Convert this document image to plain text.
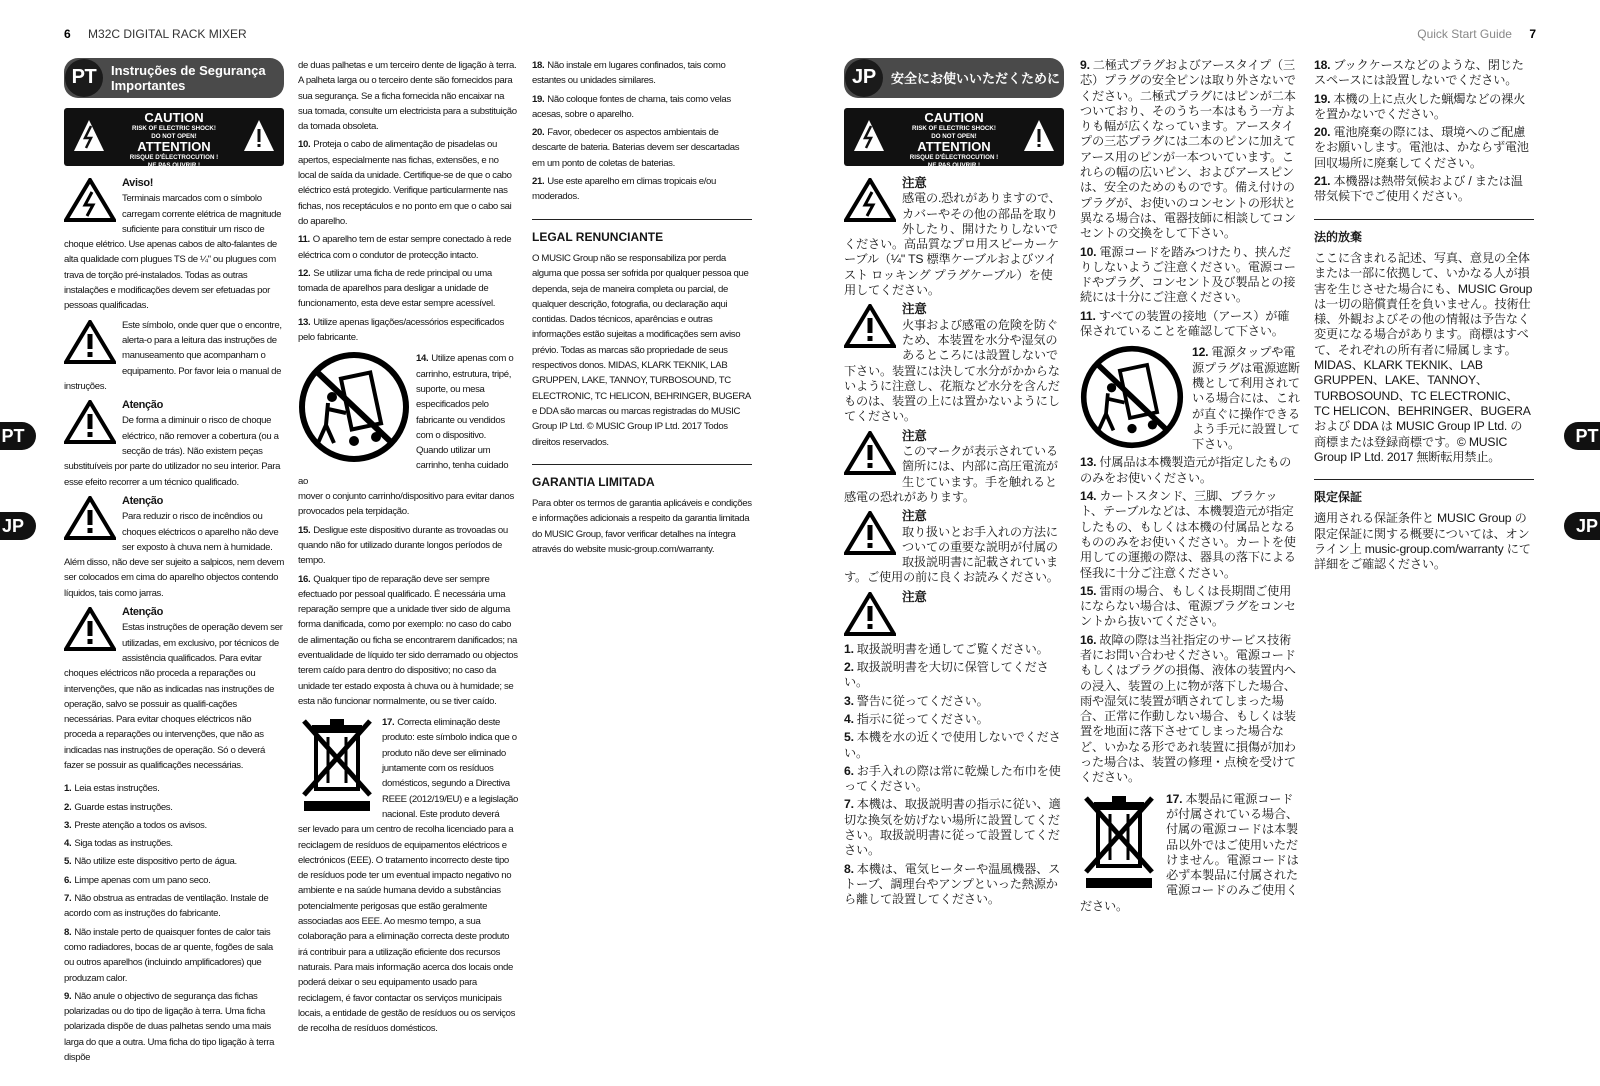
6 M32C DIGITAL RACK MIXER	Quick Start Guide 7
PT
JP
PT
JP
PT	Instruções de Segurança
Importantes
CAUTION
RISK OF ELECTRIC SHOCK!
DO NOT OPEN!
ATTENTION
RISQUE D'ÉLECTROCUTION !
NE PAS OUVRIR !
Aviso!
Terminais marcados com o símbolo carregam corrente elétrica de magnitude suficiente para constituir um risco de choque elétrico. Use apenas cabos de alto-falantes de alta qualidade com plugues TS de ¼" ou plugues com trava de torção pré-instalados. Todas as outras instalações e modificações devem ser efetuadas por pessoas qualificadas.
Este símbolo, onde quer que o encontre, alerta-o para a leitura das instruções de manuseamento que acompanham o equipamento. Por favor leia o manual de instruções.
Atenção
De forma a diminuir o risco de choque eléctrico, não remover a cobertura (ou a secção de trás). Não existem peças substituíveis por parte do utilizador no seu interior. Para esse efeito recorrer a um técnico qualificado.
Atenção
Para reduzir o risco de incêndios ou choques eléctricos o aparelho não deve ser exposto à chuva nem à humidade. Além disso, não deve ser sujeito a salpicos, nem devem ser colocados em cima do aparelho objectos contendo líquidos, tais como jarras.
Atenção
Estas instruções de operação devem ser utilizadas, em exclusivo, por técnicos de assistência qualificados. Para evitar choques eléctricos não proceda a reparações ou intervenções, que não as indicadas nas instruções de operação, salvo se possuir as qualifi-cações necessárias. Para evitar choques eléctricos não proceda a reparações ou intervenções, que não as indicadas nas instruções de operação. Só o deverá fazer se possuir as qualificações necessárias.

1. Leia estas instruções.

2. Guarde estas instruções.

3. Preste atenção a todos os avisos.

4. Siga todas as instruções.

5. Não utilize este dispositivo perto de água.

6. Limpe apenas com um pano seco.

7. Não obstrua as entradas de ventilação. Instale de acordo com as instruções do fabricante.

8. Não instale perto de quaisquer fontes de calor tais como radiadores, bocas de ar quente, fogões de sala ou outros aparelhos (incluindo amplificadores) que produzam calor.

9. Não anule o objectivo de segurança das fichas polarizadas ou do tipo de ligação à terra. Uma ficha polarizada dispõe de duas palhetas sendo uma mais larga do que a outra. Uma ficha do tipo ligação à terra dispõe

de duas palhetas e um terceiro dente de ligação à terra. A palheta larga ou o terceiro dente são fornecidos para sua segurança. Se a ficha fornecida não encaixar na sua tomada, consulte um electricista para a substituição da tomada obsoleta.

10. Proteja o cabo de alimentação de pisadelas ou apertos, especialmente nas fichas, extensões, e no local de saída da unidade. Certifique-se de que o cabo eléctrico está protegido. Verifique particularmente nas fichas, nos receptáculos e no ponto em que o cabo sai do aparelho.

11. O aparelho tem de estar sempre conectado à rede eléctrica com o condutor de protecção intacto.

12. Se utilizar uma ficha de rede principal ou uma tomada de aparelhos para desligar a unidade de funcionamento, esta deve estar sempre acessível.

13. Utilize apenas ligações/acessórios especificados pelo fabricante.

14. Utilize apenas com o carrinho, estrutura, tripé, suporte, ou mesa especificados pelo fabricante ou vendidos com o dispositivo. Quando utilizar um carrinho, tenha cuidado ao
mover o conjunto carrinho/dispositivo para evitar danos provocados pela terpidação.

15. Desligue este dispositivo durante as trovoadas ou quando não for utilizado durante longos períodos de tempo.

16. Qualquer tipo de reparação deve ser sempre efectuado por pessoal qualificado. É necessária uma reparação sempre que a unidade tiver sido de alguma forma danificada, como por exemplo: no caso do cabo de alimentação ou ficha se encontrarem danificados; na eventualidade de líquido ter sido derramado ou objectos terem caído para dentro do dispositivo; no caso da unidade ter estado exposta à chuva ou à humidade; se esta não funcionar normalmente, ou se tiver caído.

17. Correcta eliminação deste produto: este símbolo indica que o produto não deve ser eliminado juntamente com os resíduos domésticos, segundo a Directiva REEE (2012/19/EU) e a legislação nacional. Este produto deverá
ser levado para um centro de recolha licenciado para a reciclagem de resíduos de equipamentos eléctricos e electrónicos (EEE). O tratamento incorrecto deste tipo de resíduos pode ter um eventual impacto negativo no ambiente e na saúde humana devido a substâncias potencialmente perigosas que estão geralmente associadas aos EEE. Ao mesmo tempo, a sua colaboração para a eliminação correcta deste produto irá contribuir para a utilização eficiente dos recursos naturais. Para mais informação acerca dos locais onde poderá deixar o seu equipamento usado para reciclagem, é favor contactar os serviços municipais locais, a entidade de gestão de resíduos ou os serviços de recolha de resíduos domésticos.

18. Não instale em lugares confinados, tais como estantes ou unidades similares.

19. Não coloque fontes de chama, tais como velas acesas, sobre o aparelho.

20. Favor, obedecer os aspectos ambientais de descarte de bateria. Baterias devem ser descartadas em um ponto de coletas de baterias.

21. Use este aparelho em climas tropicais e/ou moderados.

LEGAL RENUNCIANTE

O MUSIC Group não se responsabiliza por perda alguma que possa ser sofrida por qualquer pessoa que dependa, seja de maneira completa ou parcial, de qualquer descrição, fotografia, ou declaração aqui contidas. Dados técnicos, aparências e outras informações estão sujeitas a modificações sem aviso prévio. Todas as marcas são propriedade de seus respectivos donos. MIDAS, KLARK TEKNIK, LAB GRUPPEN, LAKE, TANNOY, TURBOSOUND, TC ELECTRONIC, TC HELICON, BEHRINGER, BUGERA e DDA são marcas ou marcas registradas do MUSIC Group IP Ltd. © MUSIC Group IP Ltd. 2017 Todos direitos reservados.

GARANTIA LIMITADA

Para obter os termos de garantia aplicáveis e condições e informações adicionais a respeito da garantia limitada do MUSIC Group, favor verificar detalhes na íntegra através do website music-group.com/warranty.

JP	安全にお使いいただくために
CAUTION
RISK OF ELECTRIC SHOCK!
DO NOT OPEN!
ATTENTION
RISQUE D'ÉLECTROCUTION !
NE PAS OUVRIR !
注意
感電の.恐れがありますので、カバーやその他の部品を取り外したり、開けたりしないでください。高品質なプロ用スピーカーケーブル（¼" TS 標準ケーブルおよびツイスト ロッキング プラグケーブル）を使用してください。
注意
火事および感電の危険を防ぐため、本装置を水分や湿気のあるところには設置しないで下さい。装置には決して水分がかからないように注意し、花瓶など水分を含んだものは、装置の上には置かないようにしてください。
注意
このマークが表示されている箇所には、内部に高圧電流が生じています。手を触れると感電の恐れがあります。
注意
取り扱いとお手入れの方法についての重要な説明が付属の取扱説明書に記載されています。ご使用の前に良くお読みください。
注意

1. 取扱説明書を通してご覧ください。

2. 取扱説明書を大切に保管してください。

3. 警告に従ってください。

4. 指示に従ってください。

5. 本機を水の近くで使用しないでください。

6. お手入れの際は常に乾燥した布巾を使ってください。

7. 本機は、取扱説明書の指示に従い、適切な換気を妨げない場所に設置してください。取扱説明書に従って設置してください。

8. 本機は、電気ヒーターや温風機器、ストーブ、調理台やアンプといった熱源から離して設置してください。

9. 二極式プラグおよびアースタイプ（三芯）プラグの安全ピンは取り外さないでください。二極式プラグにはピンが二本ついており、そのうち一本はもう一方よりも幅が広くなっています。アースタイプの三芯プラグには二本のピンに加えてアース用のピンが一本ついています。これらの幅の広いピン、およびアースピンは、安全のためのものです。備え付けのプラグが、お使いのコンセントの形状と異なる場合は、電器技師に相談してコンセントの交換をして下さい。

10. 電源コードを踏みつけたり、挟んだりしないようご注意ください。電源コードやプラグ、コンセント及び製品との接続には十分にご注意ください。

11. すべての装置の接地（アース）が確保されていることを確認して下さい。

12. 電源タップや電源プラグは電源遮断機として利用されている場合には、これが直ぐに操作できるよう手元に設置して下さい。

13. 付属品は本機製造元が指定したもののみをお使いください。

14. カートスタンド、三脚、ブラケット、テーブルなどは、本機製造元が指定したもの、もしくは本機の付属品となるもののみをお使いください。カートを使用しての運搬の際は、器具の落下による怪我に十分ご注意ください。

15. 雷雨の場合、もしくは長期間ご使用にならない場合は、電源プラグをコンセントから抜いてください。

16. 故障の際は当社指定のサービス技術者にお問い合わせください。電源コードもしくはプラグの損傷、液体の装置内への浸入、装置の上に物が落下した場合、雨や湿気に装置が晒されてしまった場合、正常に作動しない場合、もしくは装置を地面に落下させてしまった場合など、いかなる形であれ装置に損傷が加わった場合は、装置の修理・点検を受けてください。

17. 本製品に電源コードが付属されている場合、付属の電源コードは本製品以外ではご使用いただけません。電源コードは必ず本製品に付属された電源コードのみご使用ください。

18. ブックケースなどのような、閉じたスペースには設置しないでください。

19. 本機の上に点火した蝋燭などの裸火を置かないでください。

20. 電池廃棄の際には、環境へのご配慮をお願いします。電池は、かならず電池回収場所に廃棄してください。

21. 本機器は熱帯気候および / または温帯気候下でご使用ください。

法的放棄

ここに含まれる記述、写真、意見の全体または一部に依拠して、いかなる人が損害を生じさせた場合にも、MUSIC Group は一切の賠償責任を負いません。技術仕様、外観およびその他の情報は予告なく変更になる場合があります。商標はすべて、それぞれの所有者に帰属します。MIDAS、KLARK TEKNIK、LAB GRUPPEN、LAKE、TANNOY、TURBOSOUND、TC ELECTRONIC、TC HELICON、BEHRINGER、BUGERA および DDA は MUSIC Group IP Ltd. の商標または登録商標です。© MUSIC Group IP Ltd. 2017 無断転用禁止。

限定保証

適用される保証条件と MUSIC Group の限定保証に関する概要については、オンライン上 music-group.com/warranty にて詳細をご確認ください。
